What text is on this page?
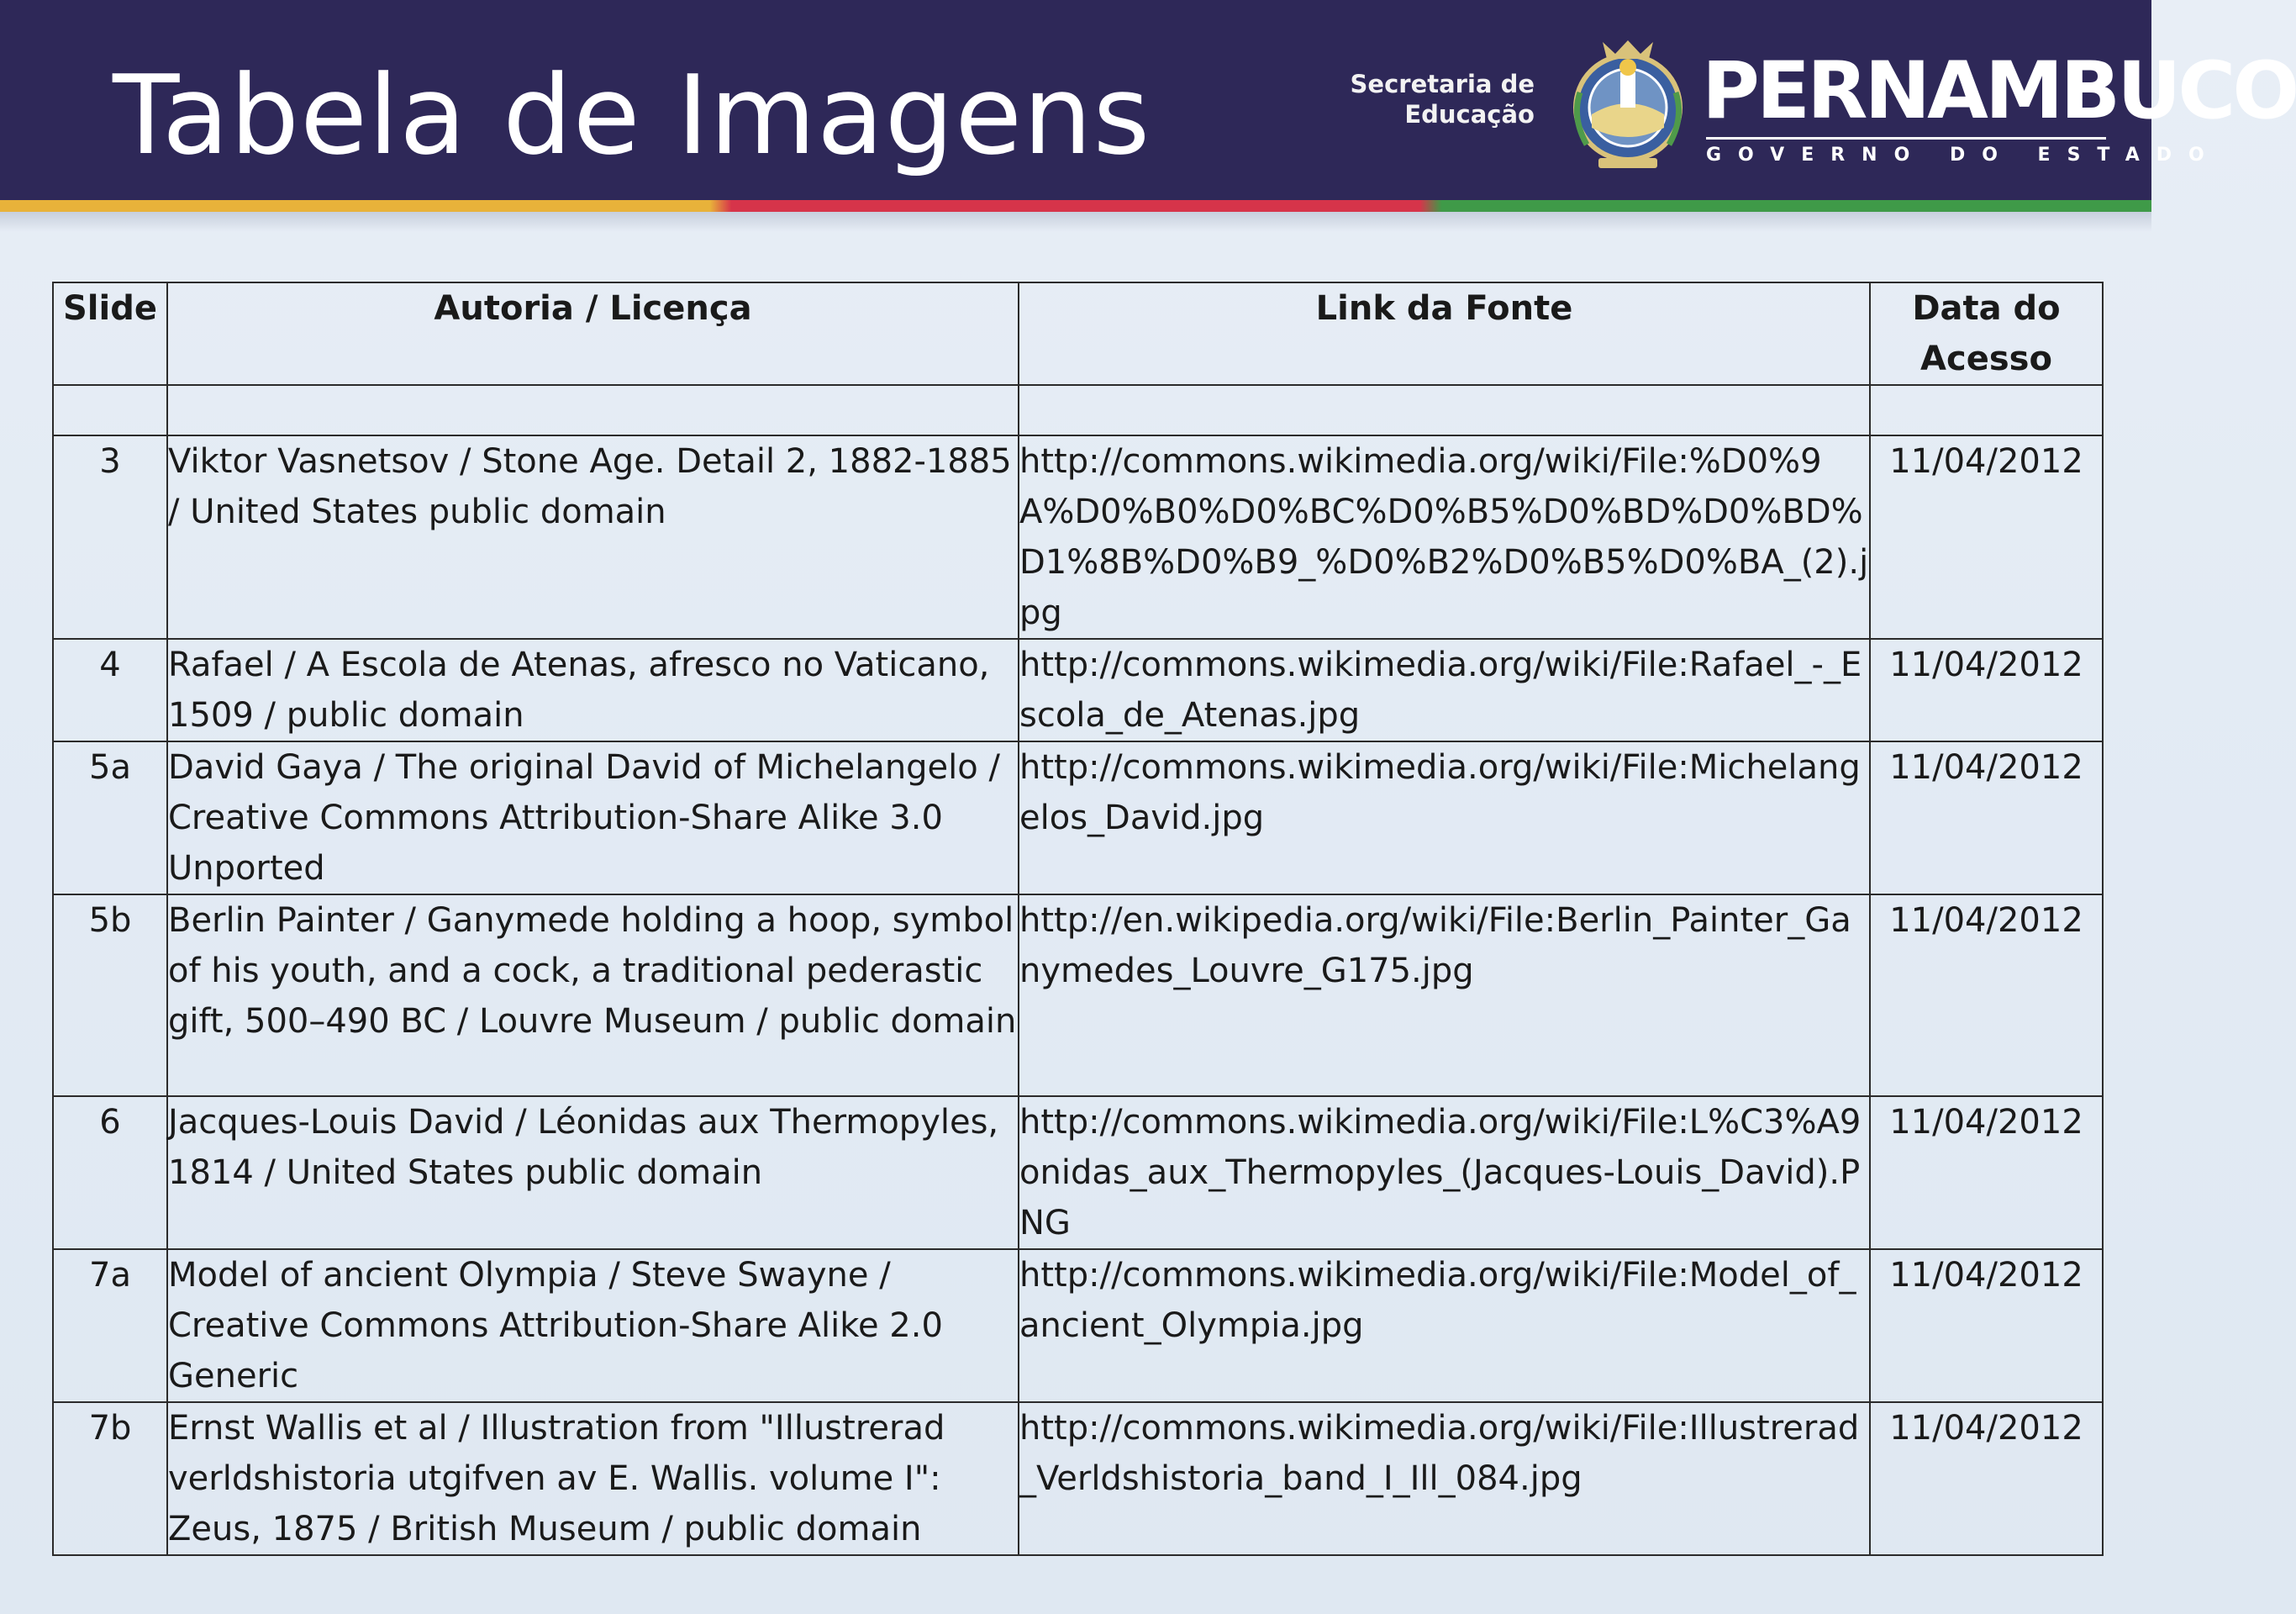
Tabela de Imagens	Secretaria de
Educação PERNAMBUCO
GOVERNO DO ESTADO
Slide	Autoria / Licença	Link da Fonte	Data do
Acesso

3	Viktor Vasnetsov / Stone Age. Detail 2, 1882-1885 / United States public domain	http://commons.wikimedia.org/wiki/File:%D0%9A%D0%B0%D0%BC%D0%B5%D0%BD%D0%BD%D1%8B%D0%B9_%D0%B2%D0%B5%D0%BA_(2).jpg	11/04/2012
4	Rafael / A Escola de Atenas, afresco no Vaticano, 1509 / public domain	http://commons.wikimedia.org/wiki/File:Rafael_-_Escola_de_Atenas.jpg	11/04/2012
5a	David Gaya / The original David of Michelangelo / Creative Commons Attribution-Share Alike 3.0 Unported	http://commons.wikimedia.org/wiki/File:Michelangelos_David.jpg	11/04/2012
5b	Berlin Painter / Ganymede holding a hoop, symbol of his youth, and a cock, a traditional pederastic gift, 500–490 BC / Louvre Museum / public domain	http://en.wikipedia.org/wiki/File:Berlin_Painter_Ganymedes_Louvre_G175.jpg	11/04/2012
6	Jacques-Louis David / Léonidas aux Thermopyles, 1814 / United States public domain	http://commons.wikimedia.org/wiki/File:L%C3%A9onidas_aux_Thermopyles_(Jacques-Louis_David).PNG	11/04/2012
7a	Model of ancient Olympia / Steve Swayne / Creative Commons Attribution-Share Alike 2.0 Generic	http://commons.wikimedia.org/wiki/File:Model_of_ancient_Olympia.jpg	11/04/2012
7b	Ernst Wallis et al / Illustration from "Illustrerad verldshistoria utgifven av E. Wallis. volume I": Zeus, 1875 / British Museum / public domain	http://commons.wikimedia.org/wiki/File:Illustrerad_Verldshistoria_band_I_Ill_084.jpg	11/04/2012
